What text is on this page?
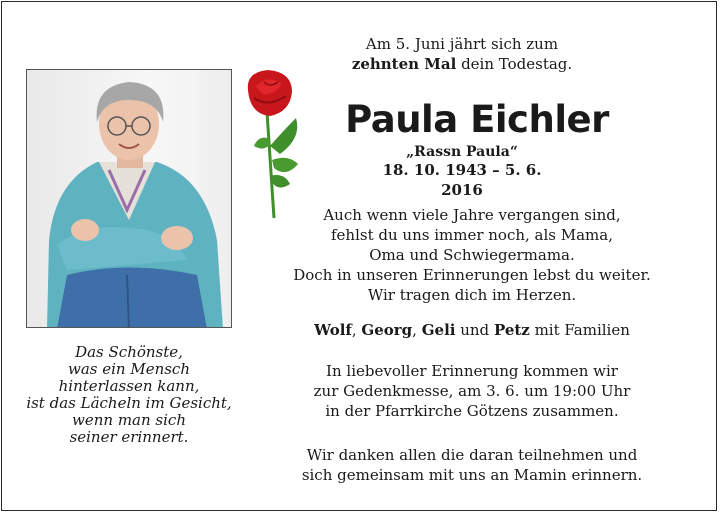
Am 5. Juni jährt sich zum
zehnten Mal dein Todestag.
Paula Eichler
„Rassn Paula“
18. 10. 1943 – 5. 6. 2016
Auch wenn viele Jahre vergangen sind,
fehlst du uns immer noch, als Mama,
Oma und Schwiegermama.
Doch in unseren Erinnerungen lebst du weiter.
Wir tragen dich im Herzen.
Wolf, Georg, Geli und Petz mit Familien
In liebevoller Erinnerung kommen wir
zur Gedenkmesse, am 3. 6. um 19:00 Uhr
in der Pfarrkirche Götzens zusammen.
Wir danken allen die daran teilnehmen und
sich gemeinsam mit uns an Mamin erinnern.
Das Schönste,
was ein Mensch
hinterlassen kann,
ist das Lächeln im Gesicht,
wenn man sich
seiner erinnert.
